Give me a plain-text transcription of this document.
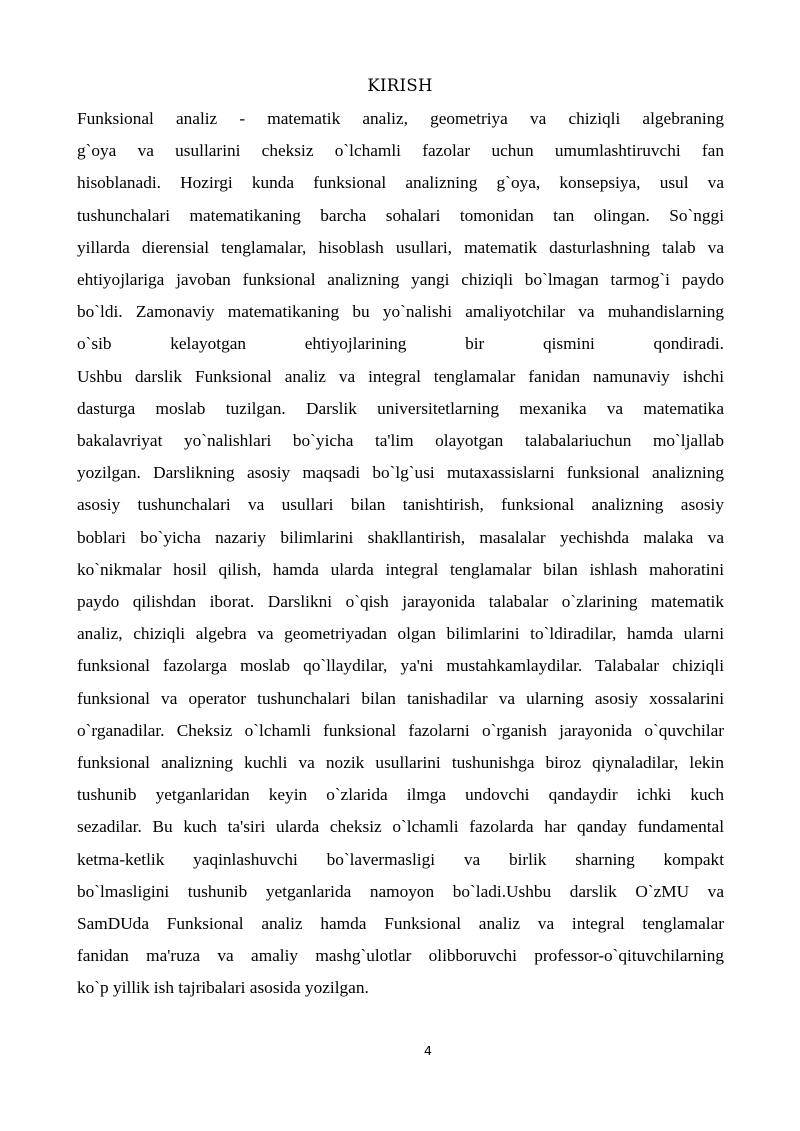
KIRISH
Funksional analiz - matematik analiz, geometriya va chiziqli algebraning
g`oya va usullarini cheksiz o`lchamli fazolar uchun umumlashtiruvchi fan
hisoblanadi. Hozirgi kunda funksional analizning g`oya, konsepsiya, usul va
tushunchalari matematikaning barcha sohalari tomonidan tan olingan. So`nggi
yillarda dierensial tenglamalar, hisoblash usullari, matematik dasturlashning talab va
ehtiyojlariga javoban funksional analizning yangi chiziqli bo`lmagan tarmog`i paydo
bo`ldi. Zamonaviy matematikaning bu yo`nalishi amaliyotchilar va muhandislarning
o`sib kelayotgan ehtiyojlarining bir qismini qondiradi.
Ushbu darslik Funksional analiz va integral tenglamalar fanidan namunaviy ishchi
dasturga moslab tuzilgan. Darslik universitetlarning mexanika va matematika
bakalavriyat yo`nalishlari bo`yicha ta'lim olayotgan talabalariuchun mo`ljallab
yozilgan. Darslikning asosiy maqsadi bo`lg`usi mutaxassislarni funksional analizning
asosiy tushunchalari va usullari bilan tanishtirish, funksional analizning asosiy
boblari bo`yicha nazariy bilimlarini shakllantirish, masalalar yechishda malaka va
ko`nikmalar hosil qilish, hamda ularda integral tenglamalar bilan ishlash mahoratini
paydo qilishdan iborat. Darslikni o`qish jarayonida talabalar o`zlarining matematik
analiz, chiziqli algebra va geometriyadan olgan bilimlarini to`ldiradilar, hamda ularni
funksional fazolarga moslab qo`llaydilar, ya'ni mustahkamlaydilar. Talabalar chiziqli
funksional va operator tushunchalari bilan tanishadilar va ularning asosiy xossalarini
o`rganadilar. Cheksiz o`lchamli funksional fazolarni o`rganish jarayonida o`quvchilar
funksional analizning kuchli va nozik usullarini tushunishga biroz qiynaladilar, lekin
tushunib yetganlaridan keyin o`zlarida ilmga undovchi qandaydir ichki kuch
sezadilar. Bu kuch ta'siri ularda cheksiz o`lchamli fazolarda har qanday fundamental
ketma-ketlik yaqinlashuvchi bo`lavermasligi va birlik sharning kompakt
bo`lmasligini tushunib yetganlarida namoyon bo`ladi.Ushbu darslik O`zMU va
SamDUda Funksional analiz hamda Funksional analiz va integral tenglamalar
fanidan ma'ruza va amaliy mashg`ulotlar olibboruvchi professor-o`qituvchilarning
ko`p yillik ish tajribalari asosida yozilgan.
4
